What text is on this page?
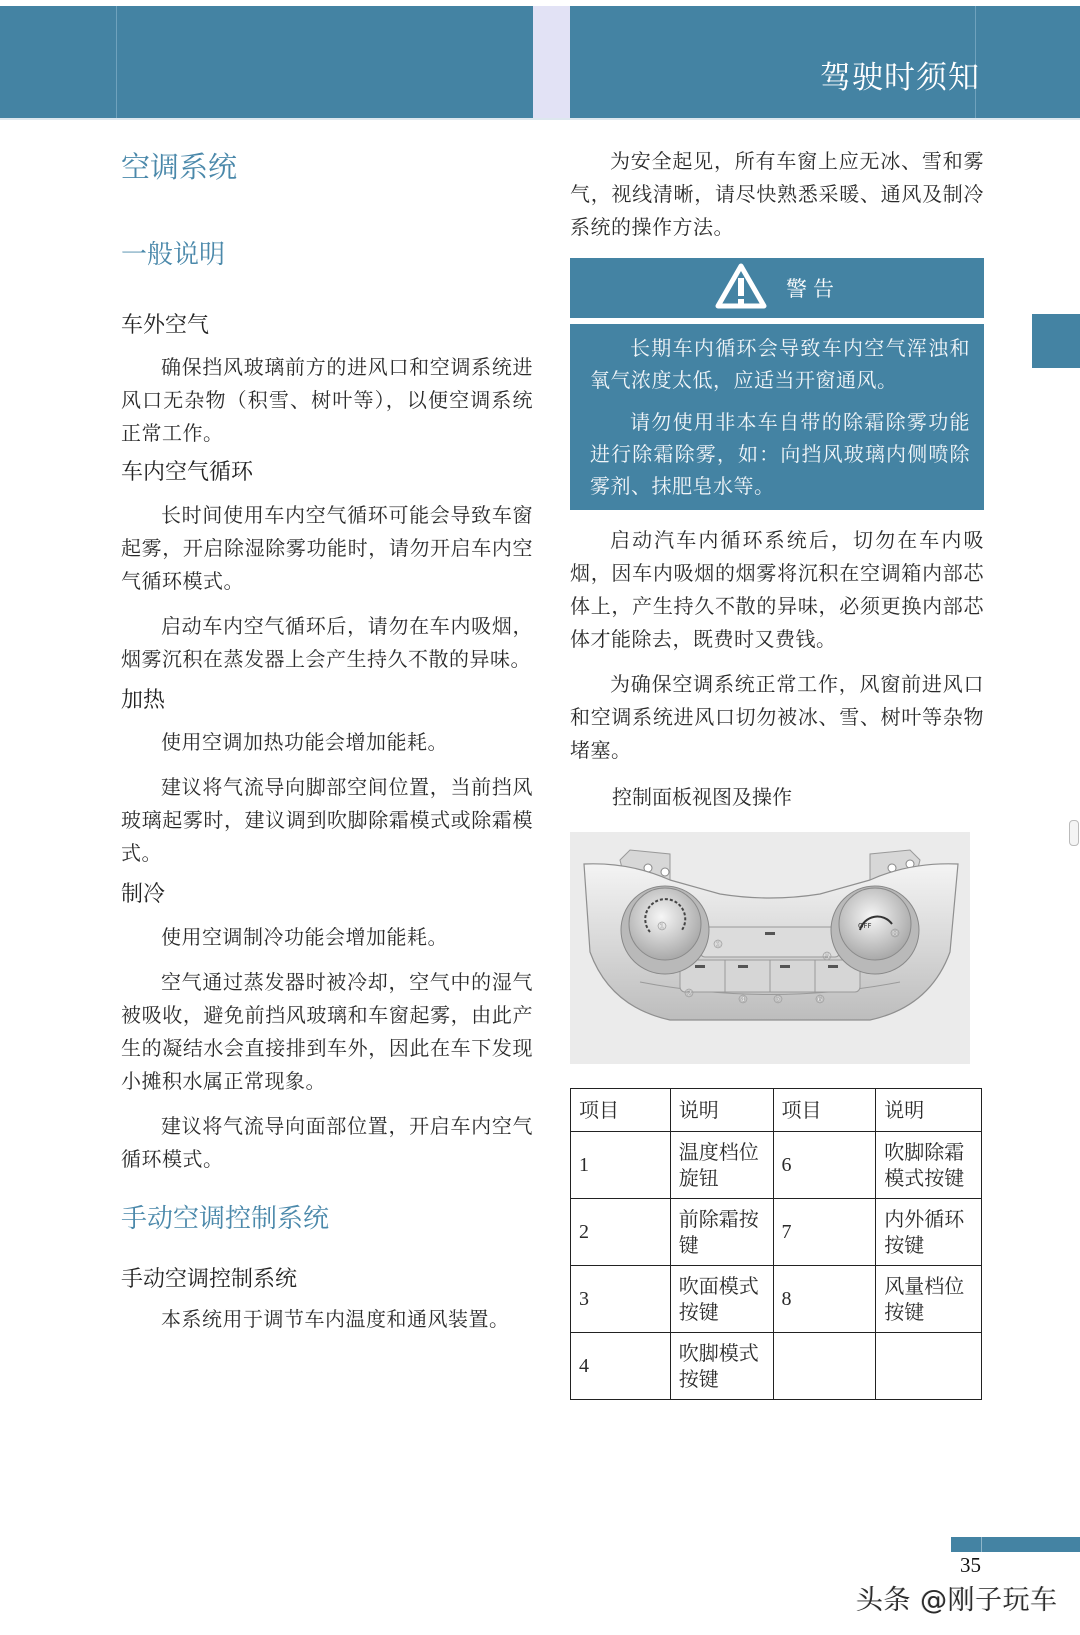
驾驶时须知
空调系统
一般说明
车外空气

确保挡风玻璃前方的进风口和空调系统进风口无杂物（积雪、树叶等），以便空调系统正常工作。

车内空气循环

长时间使用车内空气循环可能会导致车窗起雾，开启除湿除雾功能时，请勿开启车内空气循环模式。

启动车内空气循环后，请勿在车内吸烟，烟雾沉积在蒸发器上会产生持久不散的异味。

加热

使用空调加热功能会增加能耗。

建议将气流导向脚部空间位置，当前挡风玻璃起雾时，建议调到吹脚除霜模式或除霜模式。

制冷

使用空调制冷功能会增加能耗。

空气通过蒸发器时被冷却，空气中的湿气被吸收，避免前挡风玻璃和车窗起雾，由此产生的凝结水会直接排到车外，因此在车下发现小摊积水属正常现象。

建议将气流导向面部位置，开启车内空气循环模式。

手动空调控制系统
手动空调控制系统

本系统用于调节车内温度和通风装置。

为安全起见，所有车窗上应无冰、雪和雾气，视线清晰，请尽快熟悉采暖、通风及制冷系统的操作方法。

警告

长期车内循环会导致车内空气浑浊和氧气浓度太低，应适当开窗通风。

请勿使用非本车自带的除霜除雾功能进行除霜除雾，如：向挡风玻璃内侧喷除雾剂、抹肥皂水等。

启动汽车内循环系统后，切勿在车内吸烟，因车内吸烟的烟雾将沉积在空调箱内部芯体上，产生持久不散的异味，必须更换内部芯体才能除去，既费时又费钱。

为确保空调系统正常工作，风窗前进风口和空调系统进风口切勿被冰、雪、树叶等杂物堵塞。

控制面板视图及操作
OFF
①
②
③
④
⑤
⑥
⑦
⑧
项目	说明	项目	说明
1	温度档位旋钮	6	吹脚除霜模式按键
2	前除霜按键	7	内外循环按键
3	吹面模式按键	8	风量档位按键
4	吹脚模式按键		
35
头条 @刚子玩车
